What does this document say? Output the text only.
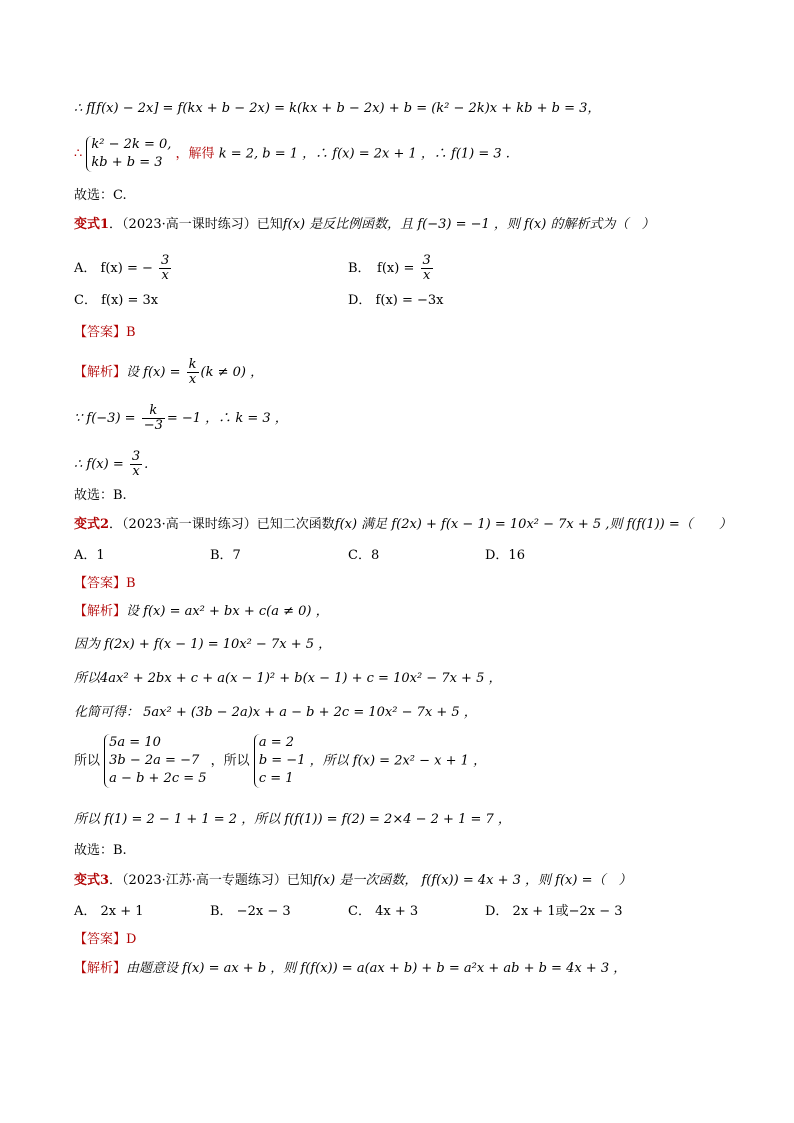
∴ f[f(x) − 2x] = f(kx + b − 2x) = k(kx + b − 2x) + b = (k² − 2k)x + kb + b = 3，
∴
k² − 2k = 0,
kb + b = 3
，解得 k = 2, b = 1 ，∴ f(x) = 2x + 1 ，∴ f(1) = 3 .
故选：C.
变式1．（2023·高一课时练习）已知f(x) 是反比例函数，且 f(−3) = −1 ，则 f(x) 的解析式为（　）
A． f(x) = − $\frac{3}{x}$	B．　$f(x) = \frac{3}{x}$
C． f(x) = 3x	D． f(x) = −3x
【答案】B
【解析】设 $f(x) = \frac{k}{x} (k \ne 0)$ ，
∵ $f(-3) = \frac{k}{-3} = -1$ ，∴ k = 3 ，
∴ $f(x) = \frac{3}{x}$ .
故选：B.
变式2．（2023·高一课时练习）已知二次函数f(x) 满足 f(2x) + f(x − 1) = 10x² − 7x + 5 ,则 f(f(1)) =（　　）
A．1	B．7	C．8	D．16
【答案】B
【解析】设 f(x) = ax² + bx + c(a ≠ 0) ，
因为 f(2x) + f(x − 1) = 10x² − 7x + 5 ，
所以4ax² + 2bx + c + a(x − 1)² + b(x − 1) + c = 10x² − 7x + 5 ，
化简可得： 5ax² + (3b − 2a)x + a − b + 2c = 10x² − 7x + 5 ，
所以
5a = 10
3b − 2a = −7
a − b + 2c = 5
，所以
a = 2
b = −1
c = 1
，所以 f(x) = 2x² − x + 1 ，
所以 f(1) = 2 − 1 + 1 = 2 ，所以 f(f(1)) = f(2) = 2×4 − 2 + 1 = 7 ，
故选：B.
变式3．（2023·江苏·高一专题练习）已知f(x) 是一次函数， f(f(x)) = 4x + 3 ，则 f(x) =（　）
A． 2x + 1	B． −2x − 3	C． 4x + 3	D． 2x + 1或−2x − 3
【答案】D
【解析】由题意设 f(x) = ax + b ，则 f(f(x)) = a(ax + b) + b = a²x + ab + b = 4x + 3 ，
